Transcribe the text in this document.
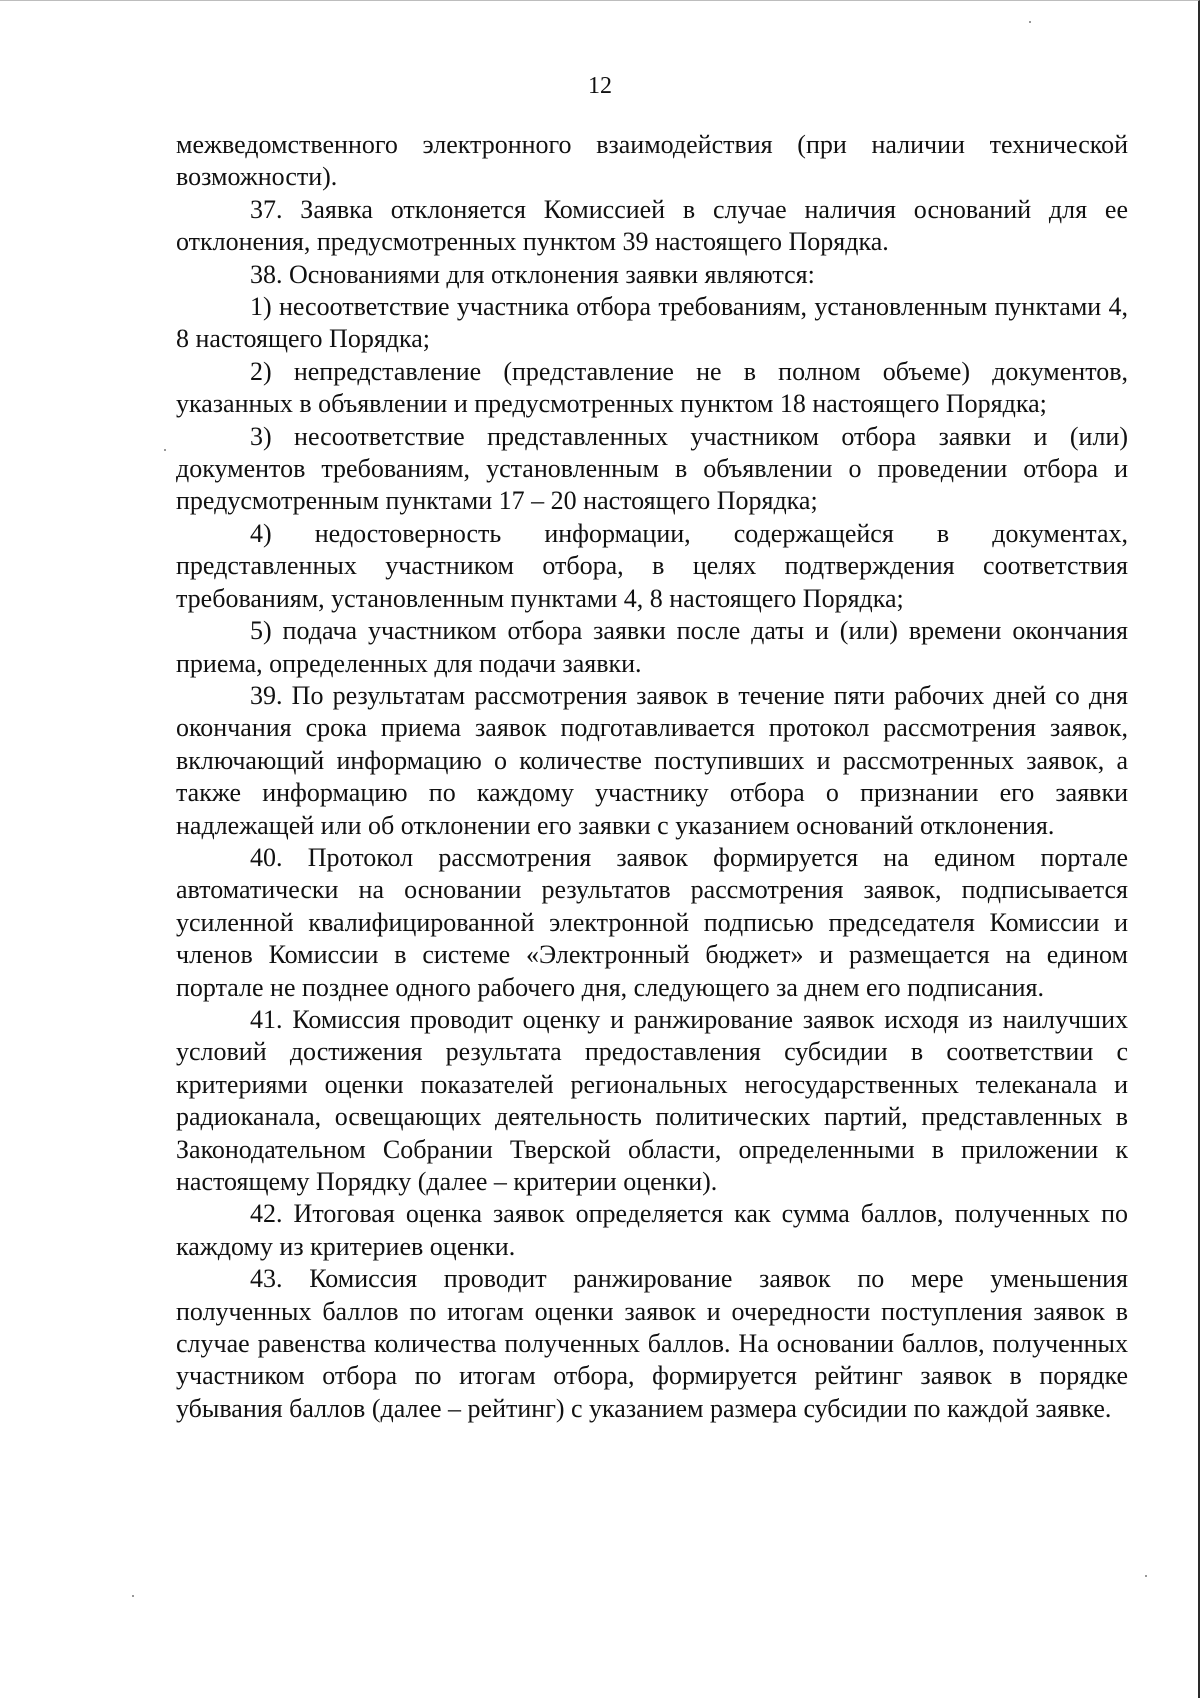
12

межведомственного электронного взаимодействия (при наличии технической возможности).

37. Заявка отклоняется Комиссией в случае наличия оснований для ее отклонения, предусмотренных пунктом 39 настоящего Порядка.

38. Основаниями для отклонения заявки являются:

1) несоответствие участника отбора требованиям, установленным пунктами 4, 8 настоящего Порядка;

2) непредставление (представление не в полном объеме) документов, указанных в объявлении и предусмотренных пунктом 18 настоящего Порядка;

3) несоответствие представленных участником отбора заявки и (или) документов требованиям, установленным в объявлении о проведении отбора и предусмотренным пунктами 17 – 20 настоящего Порядка;

4) недостоверность информации, содержащейся в документах, представленных участником отбора, в целях подтверждения соответствия требованиям, установленным пунктами 4, 8 настоящего Порядка;

5) подача участником отбора заявки после даты и (или) времени окончания приема, определенных для подачи заявки.

39. По результатам рассмотрения заявок в течение пяти рабочих дней со дня окончания срока приема заявок подготавливается протокол рассмотрения заявок, включающий информацию о количестве поступивших и рассмотренных заявок, а также информацию по каждому участнику отбора о признании его заявки надлежащей или об отклонении его заявки с указанием оснований отклонения.

40. Протокол рассмотрения заявок формируется на едином портале автоматически на основании результатов рассмотрения заявок, подписывается усиленной квалифицированной электронной подписью председателя Комиссии и членов Комиссии в системе «Электронный бюджет» и размещается на едином портале не позднее одного рабочего дня, следующего за днем его подписания.

41. Комиссия проводит оценку и ранжирование заявок исходя из наилучших условий достижения результата предоставления субсидии в соответствии с критериями оценки показателей региональных негосударственных телеканала и радиоканала, освещающих деятельность политических партий, представленных в Законодательном Собрании Тверской области, определенными в приложении к настоящему Порядку (далее – критерии оценки).

42. Итоговая оценка заявок определяется как сумма баллов, полученных по каждому из критериев оценки.

43. Комиссия проводит ранжирование заявок по мере уменьшения полученных баллов по итогам оценки заявок и очередности поступления заявок в случае равенства количества полученных баллов. На основании баллов, полученных участником отбора по итогам отбора, формируется рейтинг заявок в порядке убывания баллов (далее – рейтинг) с указанием размера субсидии по каждой заявке.
